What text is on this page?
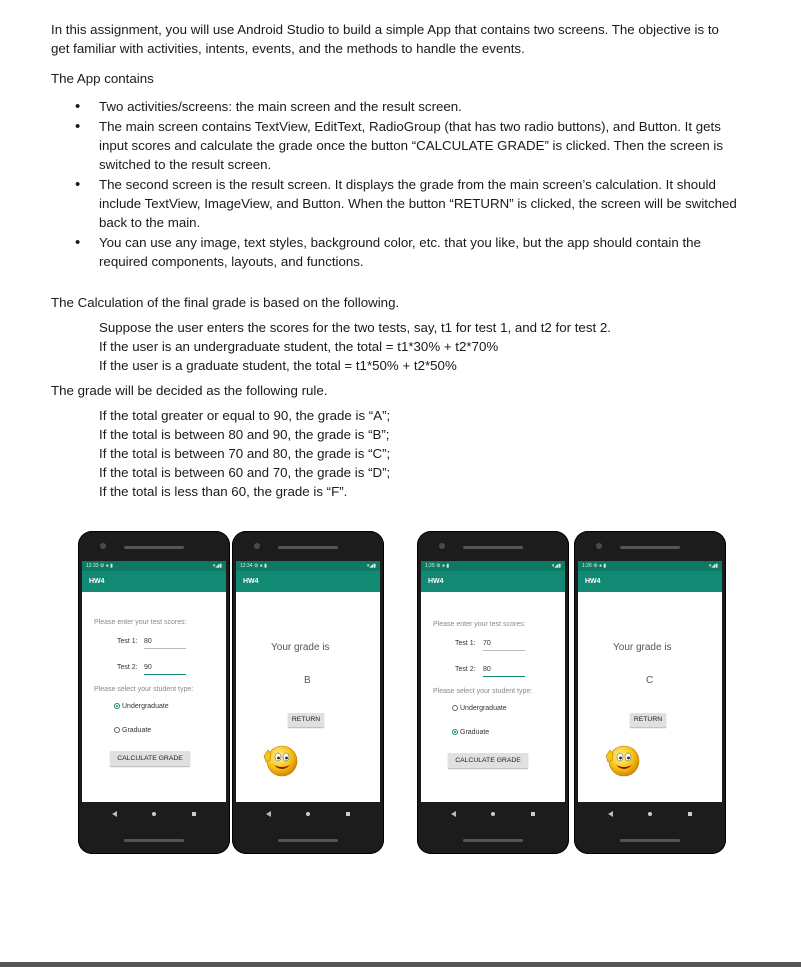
In this assignment, you will use Android Studio to build a simple App that contains two screens. The objective is to
get familiar with activities, intents, events, and the methods to handle the events.
The App contains
• Two activities/screens: the main screen and the result screen.
• The main screen contains TextView, EditText, RadioGroup (that has two radio buttons), and Button. It gets input scores and calculate the grade once the button “CALCULATE GRADE” is clicked. Then the screen is switched to the result screen.
• The second screen is the result screen. It displays the grade from the main screen’s calculation. It should include TextView, ImageView, and Button. When the button “RETURN” is clicked, the screen will be switched back to the main.
• You can use any image, text styles, background color, etc. that you like, but the app should contain the required components, layouts, and functions.
The Calculation of the final grade is based on the following.
Suppose the user enters the scores for the two tests, say, t1 for test 1, and t2 for test 2.
If the user is an undergraduate student, the total = t1*30% + t2*70%
If the user is a graduate student, the total = t1*50% + t2*50%
The grade will be decided as the following rule.
If the total greater or equal to 90, the grade is “A”;
If the total is between 80 and 90, the grade is “B”;
If the total is between 70 and 80, the grade is “C”;
If the total is between 60 and 70, the grade is “D”;
If the total is less than 60, the grade is “F”.
12:33 ⚙ ● ▮	▾◢▮
HW4
Please enter your test scores:
Test 1: 80
Test 2: 90
Please select your student type:
Undergraduate
Graduate
CALCULATE GRADE
12:34 ⚙ ● ▮	▾◢▮
HW4
Your grade is
B
RETURN
1:25 ⚙ ● ▮	▾◢▮
HW4
Please enter your test scores:
Test 1: 70
Test 2: 80
Please select your student type:
Undergraduate
Graduate
CALCULATE GRADE
1:26 ⚙ ● ▮	▾◢▮
HW4
Your grade is
C
RETURN
